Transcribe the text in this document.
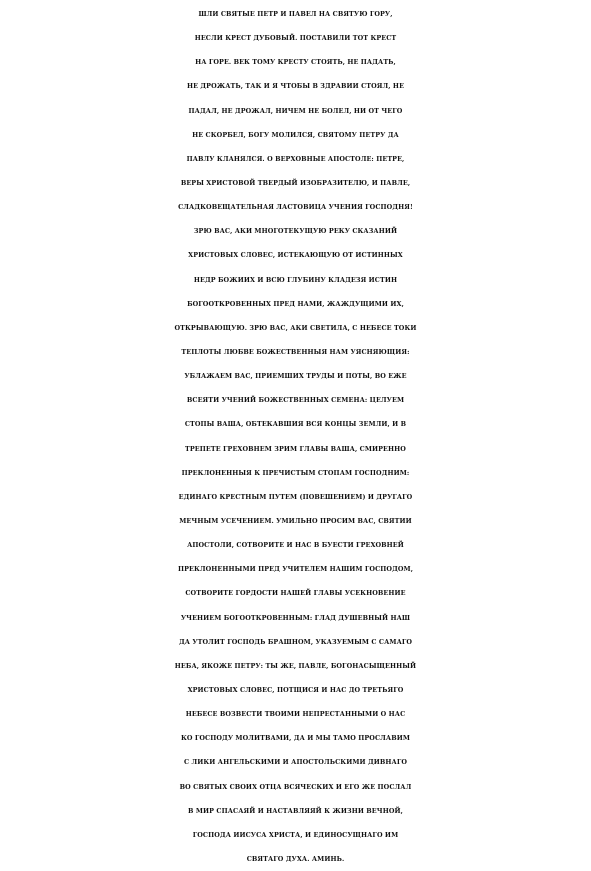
ШЛИ СВЯТЫЕ ПЕТР И ПАВЕЛ НА СВЯТУЮ ГОРУ,
НЕСЛИ КРЕСТ ДУБОВЫЙ. ПОСТАВИЛИ ТОТ КРЕСТ
НА ГОРЕ. ВЕК ТОМУ КРЕСТУ СТОЯТЬ, НЕ ПАДАТЬ,
НЕ ДРОЖАТЬ, ТАК И Я ЧТОБЫ В ЗДРАВИИ СТОЯЛ, НЕ
ПАДАЛ, НЕ ДРОЖАЛ, НИЧЕМ НЕ БОЛЕЛ, НИ ОТ ЧЕГО
НЕ СКОРБЕЛ, БОГУ МОЛИЛСЯ, СВЯТОМУ ПЕТРУ ДА
ПАВЛУ КЛАНЯЛСЯ. О ВЕРХОВНЫЕ АПОСТОЛЕ: ПЕТРЕ,
ВЕРЫ ХРИСТОВОЙ ТВЕРДЫЙ ИЗОБРАЗИТЕЛЮ, И ПАВЛЕ,
СЛАДКОВЕЩАТЕЛЬНАЯ ЛАСТОВИЦА УЧЕНИЯ ГОСПОДНЯ!
ЗРЮ ВАС, АКИ МНОГОТЕКУЩУЮ РЕКУ СКАЗАНИЙ
ХРИСТОВЫХ СЛОВЕС, ИСТЕКАЮЩУЮ ОТ ИСТИННЫХ
НЕДР БОЖИИХ И ВСЮ ГЛУБИНУ КЛАДЕЗЯ ИСТИН
БОГООТКРОВЕННЫХ ПРЕД НАМИ, ЖАЖДУЩИМИ ИХ,
ОТКРЫВАЮЩУЮ. ЗРЮ ВАС, АКИ СВЕТИЛА, С НЕБЕСЕ ТОКИ
ТЕПЛОТЫ ЛЮБВЕ БОЖЕСТВЕННЫЯ НАМ УЯСНЯЮЩИЯ:
УБЛАЖАЕМ ВАС, ПРИЕМШИХ ТРУДЫ И ПОТЫ, ВО ЕЖЕ
ВСЕЯТИ УЧЕНИЙ БОЖЕСТВЕННЫХ СЕМЕНА: ЦЕЛУЕМ
СТОПЫ ВАША, ОБТЕКАВШИЯ ВСЯ КОНЦЫ ЗЕМЛИ, И В
ТРЕПЕТЕ ГРЕХОВНЕМ ЗРИМ ГЛАВЫ ВАША, СМИРЕННО
ПРЕКЛОНЕННЫЯ К ПРЕЧИСТЫМ СТОПАМ ГОСПОДНИМ:
ЕДИНАГО КРЕСТНЫМ ПУТЕМ (ПОВЕШЕНИЕМ) И ДРУГАГО
МЕЧНЫМ УСЕЧЕНИЕМ. УМИЛЬНО ПРОСИМ ВАС, СВЯТИИ
АПОСТОЛИ, СОТВОРИТЕ И НАС В БУЕСТИ ГРЕХОВНЕЙ
ПРЕКЛОНЕННЫМИ ПРЕД УЧИТЕЛЕМ НАШИМ ГОСПОДОМ,
СОТВОРИТЕ ГОРДОСТИ НАШЕЙ ГЛАВЫ УСЕКНОВЕНИЕ
УЧЕНИЕМ БОГООТКРОВЕННЫМ: ГЛАД ДУШЕВНЫЙ НАШ
ДА УТОЛИТ ГОСПОДЬ БРАШНОМ, УКАЗУЕМЫМ С САМАГО
НЕБА, ЯКОЖЕ ПЕТРУ: ТЫ ЖЕ, ПАВЛЕ, БОГОНАСЫЩЕННЫЙ
ХРИСТОВЫХ СЛОВЕС, ПОТЩИСЯ И НАС ДО ТРЕТЬЯГО
НЕБЕСЕ ВОЗВЕСТИ ТВОИМИ НЕПРЕСТАННЫМИ О НАС
КО ГОСПОДУ МОЛИТВАМИ, ДА И МЫ ТАМО ПРОСЛАВИМ
С ЛИКИ АНГЕЛЬСКИМИ И АПОСТОЛЬСКИМИ ДИВНАГО
ВО СВЯТЫХ СВОИХ ОТЦА ВСЯЧЕСКИХ И ЕГО ЖЕ ПОСЛАЛ
В МИР СПАСАЯЙ И НАСТАВЛЯЯЙ К ЖИЗНИ ВЕЧНОЙ,
ГОСПОДА ИИСУСА ХРИСТА, И ЕДИНОСУЩНАГО ИМ
СВЯТАГО ДУХА. АМИНЬ.
